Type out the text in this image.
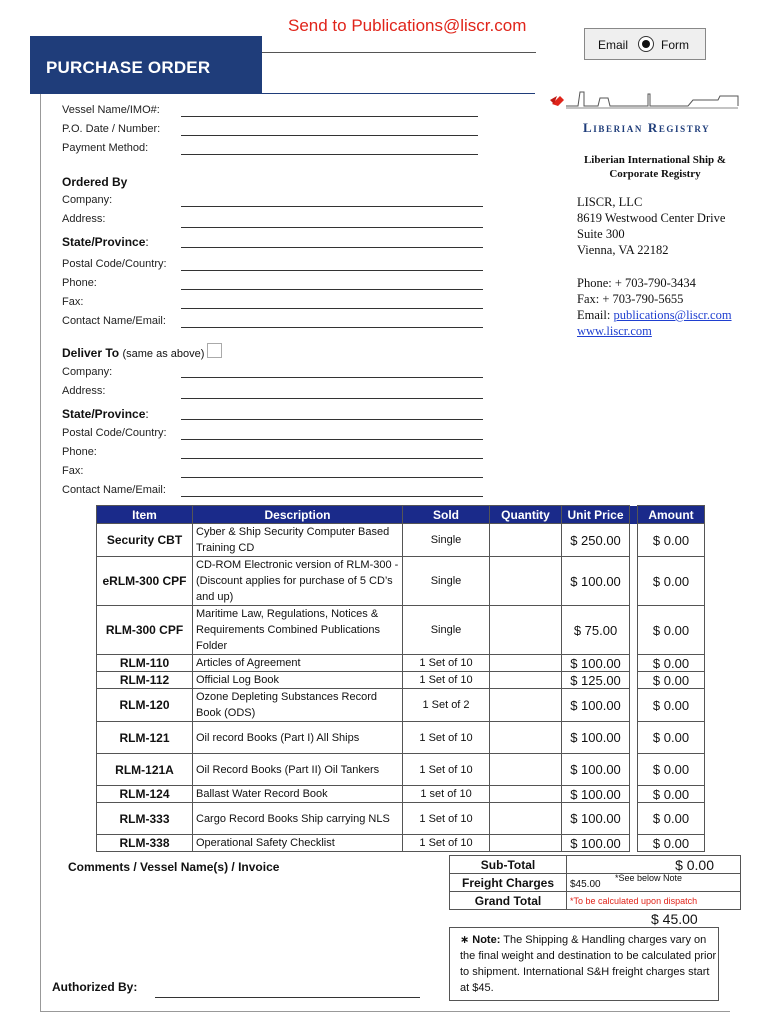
Send to Publications@liscr.com
Email	Form
PURCHASE ORDER
Vessel Name/IMO#:
P.O. Date / Number:
Payment Method:
Ordered By
Company:
Address:
State/Province:
Postal Code/Country:
Phone:
Fax:
Contact Name/Email:
Deliver To (same as above)
Company:
Address:
State/Province:
Postal Code/Country:
Phone:
Fax:
Contact Name/Email:
Liberian Registry
Liberian International Ship &
Corporate Registry
LISCR, LLC
8619 Westwood Center Drive
Suite 300
Vienna, VA 22182
Phone: + 703-790-3434
Fax: + 703-790-5655
Email: publications@liscr.com
www.liscr.com
Item	Description	Sold	Quantity	Unit Price		Amount
Security CBT	Cyber & Ship Security Computer Based Training CD	Single		$ 250.00		$ 0.00
eRLM-300 CPF	CD-ROM Electronic version of RLM-300 - (Discount applies for purchase of 5 CD’s and up)	Single		$ 100.00		$ 0.00
RLM-300 CPF	Maritime Law, Regulations, Notices & Requirements Combined Publications Folder	Single		$ 75.00		$ 0.00
RLM-110	Articles of Agreement	1 Set of 10		$ 100.00		$ 0.00
RLM-112	Official Log Book	1 Set of 10		$ 125.00		$ 0.00
RLM-120	Ozone Depleting Substances Record Book (ODS)	1 Set of 2		$ 100.00		$ 0.00
RLM-121	Oil record Books (Part I) All Ships	1 Set of 10		$ 100.00		$ 0.00
RLM-121A	Oil Record Books (Part II) Oil Tankers	1 Set of 10		$ 100.00		$ 0.00
RLM-124	Ballast Water Record Book	1 set of 10		$ 100.00		$ 0.00
RLM-333	Cargo Record Books Ship carrying NLS	1 Set of 10		$ 100.00		$ 0.00
RLM-338	Operational Safety Checklist	1 Set of 10		$ 100.00		$ 0.00
Comments / Vessel Name(s) / Invoice	Sub-Total	$ 0.00
Freight Charges	$45.00
*See below Note

Grand Total	*To be calculated upon dispatch
$ 45.00
∗ Note: The Shipping & Handling charges vary on the final weight and destination to be calculated prior to shipment. International S&H freight charges start at $45.
Authorized By:
